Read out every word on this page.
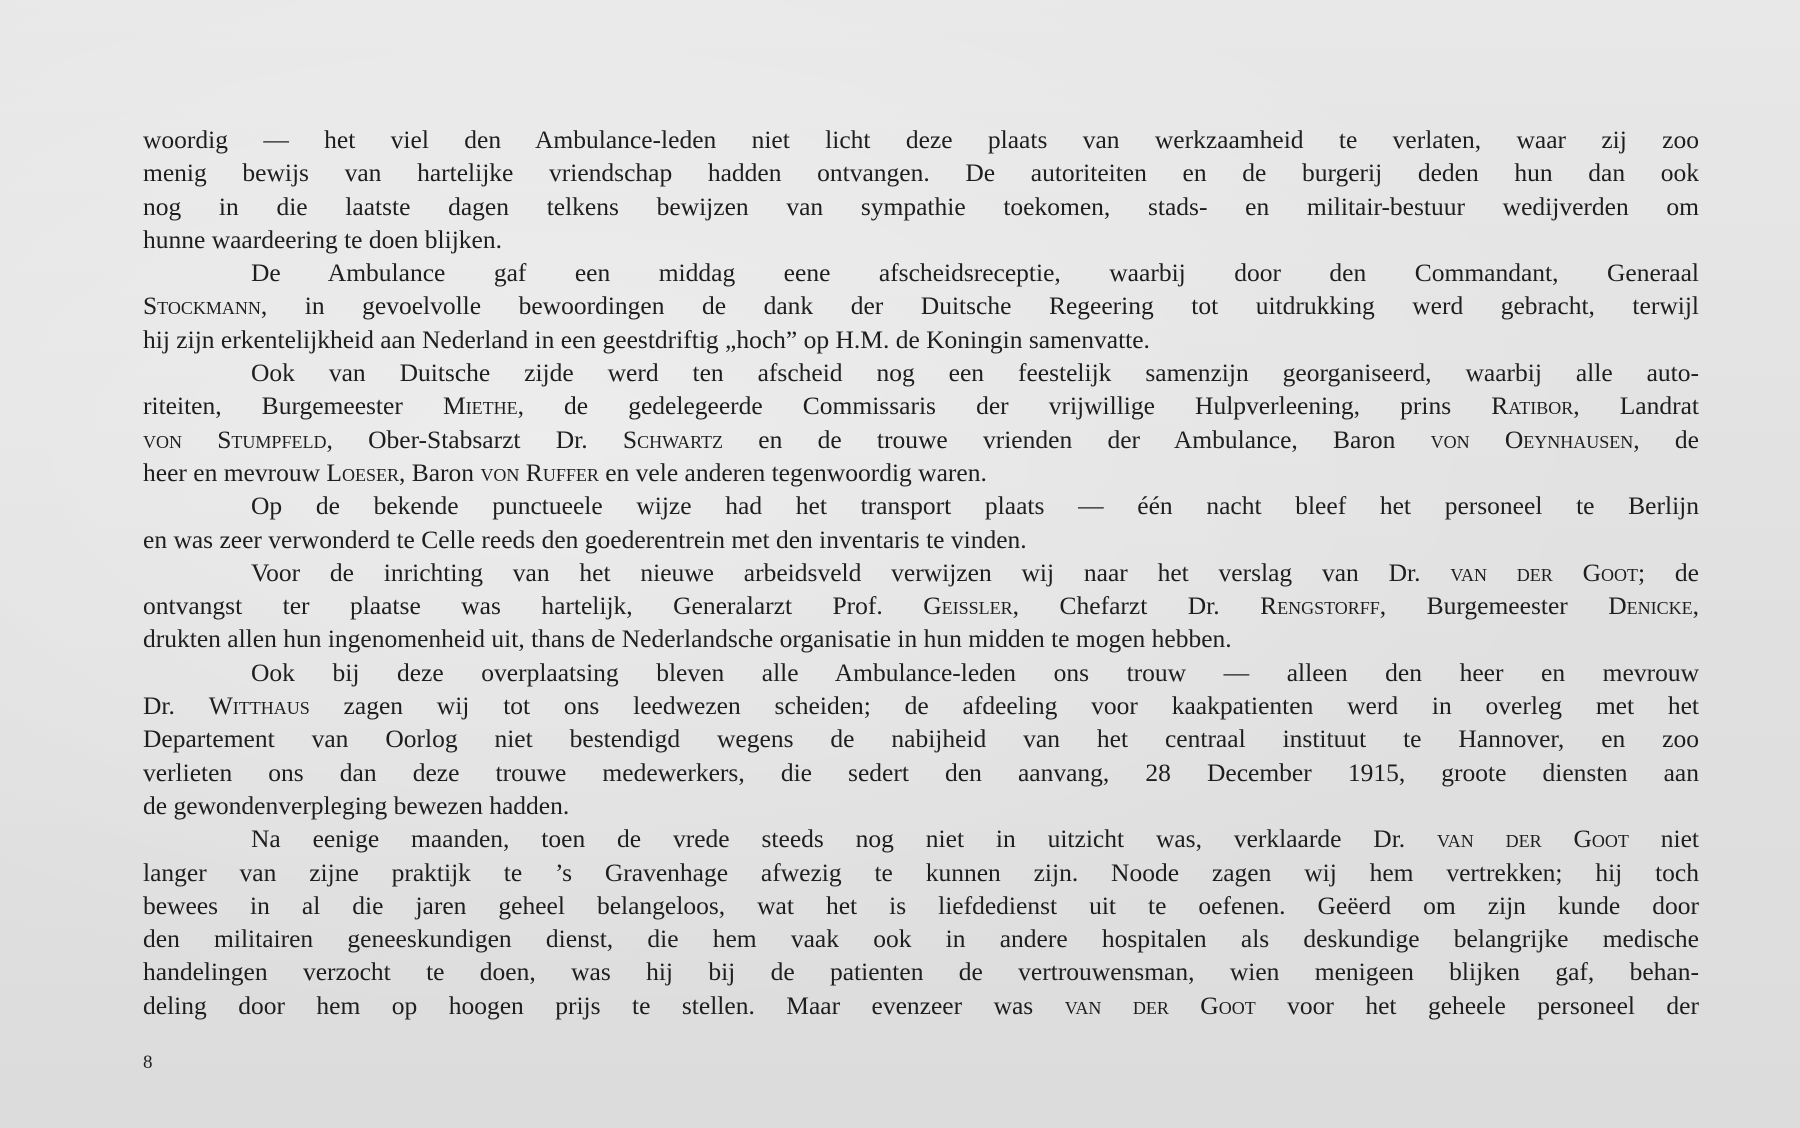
woordig — het viel den Ambulance-leden niet licht deze plaats van werkzaamheid te verlaten, waar zij zoo
menig bewijs van hartelijke vriendschap hadden ontvangen. De autoriteiten en de burgerij deden hun dan ook
nog in die laatste dagen telkens bewijzen van sympathie toekomen, stads- en militair-bestuur wedijverden om
hunne waardeering te doen blijken.
De Ambulance gaf een middag eene afscheidsreceptie, waarbij door den Commandant, Generaal
Stockmann, in gevoelvolle bewoordingen de dank der Duitsche Regeering tot uitdrukking werd gebracht, terwijl
hij zijn erkentelijkheid aan Nederland in een geestdriftig „hoch” op H.M. de Koningin samenvatte.
Ook van Duitsche zijde werd ten afscheid nog een feestelijk samenzijn georganiseerd, waarbij alle auto-
riteiten, Burgemeester Miethe, de gedelegeerde Commissaris der vrijwillige Hulpverleening, prins Ratibor, Landrat
von Stumpfeld, Ober-Stabsarzt Dr. Schwartz en de trouwe vrienden der Ambulance, Baron von Oeynhausen, de
heer en mevrouw Loeser, Baron von Ruffer en vele anderen tegenwoordig waren.
Op de bekende punctueele wijze had het transport plaats — één nacht bleef het personeel te Berlijn
en was zeer verwonderd te Celle reeds den goederentrein met den inventaris te vinden.
Voor de inrichting van het nieuwe arbeidsveld verwijzen wij naar het verslag van Dr. van der Goot; de
ontvangst ter plaatse was hartelijk, Generalarzt Prof. Geissler, Chefarzt Dr. Rengstorff, Burgemeester Denicke,
drukten allen hun ingenomenheid uit, thans de Nederlandsche organisatie in hun midden te mogen hebben.
Ook bij deze overplaatsing bleven alle Ambulance-leden ons trouw — alleen den heer en mevrouw
Dr. Witthaus zagen wij tot ons leedwezen scheiden; de afdeeling voor kaakpatienten werd in overleg met het
Departement van Oorlog niet bestendigd wegens de nabijheid van het centraal instituut te Hannover, en zoo
verlieten ons dan deze trouwe medewerkers, die sedert den aanvang, 28 December 1915, groote diensten aan
de gewondenverpleging bewezen hadden.
Na eenige maanden, toen de vrede steeds nog niet in uitzicht was, verklaarde Dr. van der Goot niet
langer van zijne praktijk te ’s Gravenhage afwezig te kunnen zijn. Noode zagen wij hem vertrekken; hij toch
bewees in al die jaren geheel belangeloos, wat het is liefdedienst uit te oefenen. Geëerd om zijn kunde door
den militairen geneeskundigen dienst, die hem vaak ook in andere hospitalen als deskundige belangrijke medische
handelingen verzocht te doen, was hij bij de patienten de vertrouwensman, wien menigeen blijken gaf, behan-
deling door hem op hoogen prijs te stellen. Maar evenzeer was van der Goot voor het geheele personeel der
8
